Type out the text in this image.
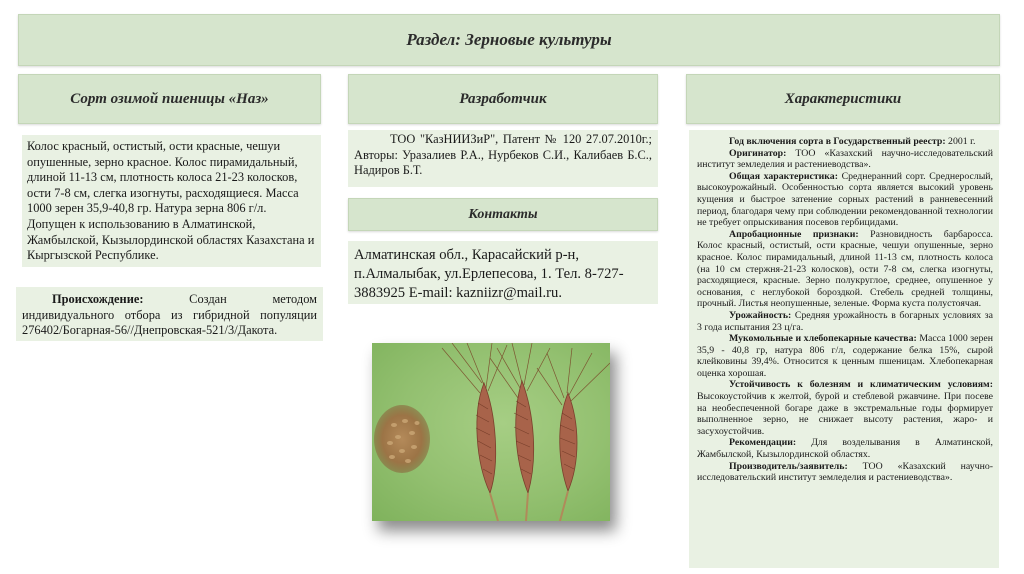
Раздел: Зерновые культуры
Сорт озимой пшеницы «Наз»	Разработчик	Характеристики
Колос красный, остистый, ости красные, чешуи опушенные, зерно красное. Колос пирамидальный, длиной 11-13 см, плотность колоса 21-23 колосков, ости 7-8 см, слегка изогнуты, расходящиеся. Масса 1000 зерен 35,9-40,8 гр. Натура зерна 806 г/л. Допущен к использованию в Алматинской, Жамбылской, Кызылординской областях Казахстана и Кыргызской Республике.
Происхождение: Создан методом индивидуального отбора из гибридной популяции 276402/Богарная-56//Днепровская-521/3/Дакота.
ТОО "КазНИИЗиР", Патент № 120 27.07.2010г.; Авторы: Уразалиев Р.А., Нурбеков С.И., Калибаев Б.С., Надиров Б.Т.
Контакты
Алматинская обл., Карасайский р-н, п.Алмалыбак, ул.Ерлепесова, 1. Тел. 8-727-3883925 E-mail: kazniizr@mail.ru.

Год включения сорта в Государственный реестр: 2001 г.

Оригинатор: ТОО «Казахский научно-исследовательский институт земледелия и растениеводства».

Общая характеристика: Среднеранний сорт. Среднерослый, высокоурожайный. Особенностью сорта является высокий уровень кущения и быстрое затенение сорных растений в ранневесенний период, благодаря чему при соблюдении рекомендованной технологии не требует опрыскивания посевов гербицидами.

Апробационные признаки: Разновидность барбаросса. Колос красный, остистый, ости красные, чешуи опушенные, зерно красное. Колос пирамидальный, длиной 11-13 см, плотность колоса (на 10 см стержня-21-23 колосков), ости 7-8 см, слегка изогнуты, расходящиеся, красные. Зерно полукруглое, среднее, опушенное у основания, с неглубокой бороздкой. Стебель средней толщины, прочный. Листья неопушенные, зеленые. Форма куста полустоячая.

Урожайность: Средняя урожайность в богарных условиях за 3 года испытания 23 ц/га.

Мукомольные и хлебопекарные качества: Масса 1000 зерен 35,9 - 40,8 гр, натура 806 г/л, содержание белка 15%, сырой клейковины 39,4%. Относится к ценным пшеницам. Хлебопекарная оценка хорошая.

Устойчивость к болезням и климатическим условиям: Высокоустойчив к желтой, бурой и стеблевой ржавчине. При посеве на необеспеченной богаре даже в экстремальные годы формирует выполненное зерно, не снижает высоту растения, жаро- и засухоустойчив.

Рекомендации: Для возделывания в Алматинской, Жамбылской, Кызылординской областях.

Производитель/заявитель: ТОО «Казахский научно-исследовательский институт земледелия и растениеводства».
